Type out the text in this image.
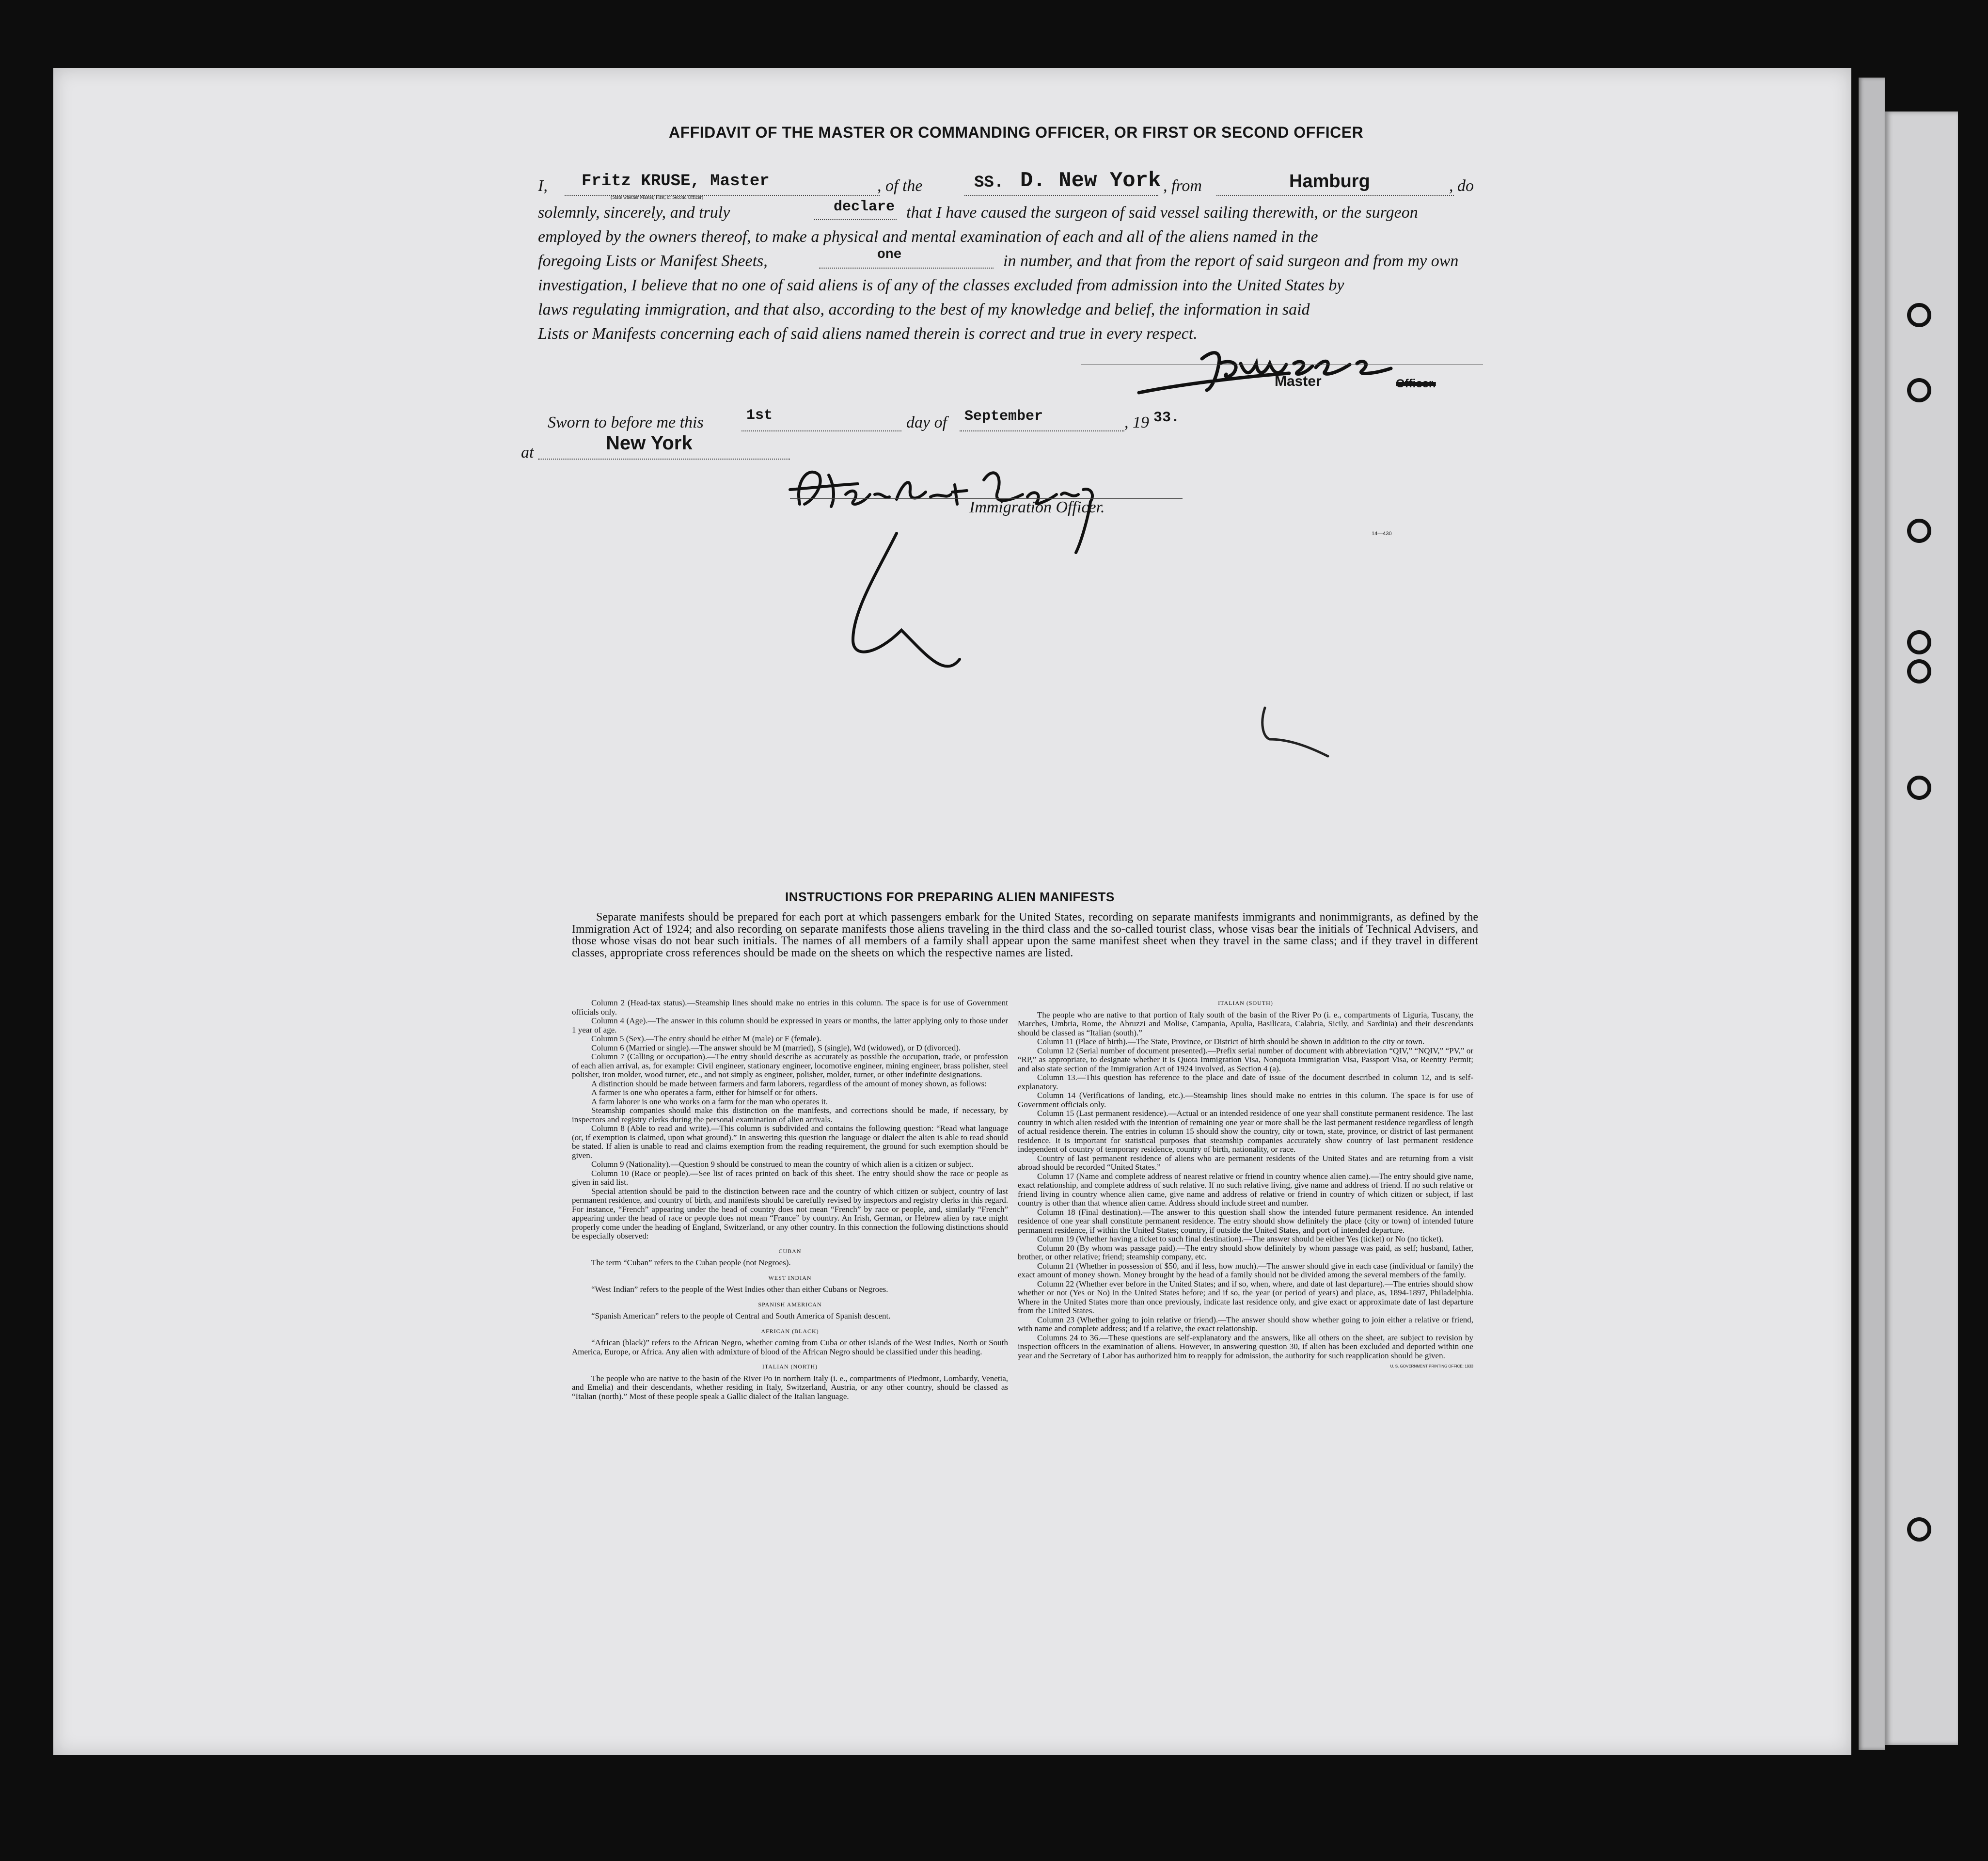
AFFIDAVIT OF THE MASTER OR COMMANDING OFFICER, OR FIRST OR SECOND OFFICER
I, Fritz KRUSE, Master	, of the	SS. D. New York , from	Hamburg	, do
solemnly, sincerely, and truly
(State whether Master, First, or Second Officer)
declare that I have caused the surgeon of said vessel sailing therewith, or the surgeon
employed by the owners thereof, to make a physical and mental examination of each and all of the aliens named in the
foregoing Lists or Manifest Sheets,	one	in number, and that from the report of said surgeon and from my own
investigation, I believe that no one of said aliens is of any of the classes excluded from admission into the United States by
laws regulating immigration, and that also, according to the best of my knowledge and belief, the information in said
Lists or Manifests concerning each of said aliens named therein is correct and true in every respect.
Master	Officer.
Sworn to before me this	1st	day of September	, 19 33.
at	New York
Immigration Officer.
14—430
INSTRUCTIONS FOR PREPARING ALIEN MANIFESTS
Separate manifests should be prepared for each port at which passengers embark for the United States, recording on separate manifests immigrants and nonimmigrants, as defined by the Immigration Act of 1924; and also recording on separate manifests those aliens traveling in the third class and the so-called tourist class, whose visas bear the initials of Technical Advisers, and those whose visas do not bear such initials. The names of all members of a family shall appear upon the same manifest sheet when they travel in the same class; and if they travel in different classes, appropriate cross references should be made on the sheets on which the respective names are listed.

Column 2 (Head-tax status).—Steamship lines should make no entries in this column. The space is for use of Government officials only.

Column 4 (Age).—The answer in this column should be expressed in years or months, the latter applying only to those under 1 year of age.

Column 5 (Sex).—The entry should be either M (male) or F (female).

Column 6 (Married or single).—The answer should be M (married), S (single), Wd (widowed), or D (divorced).

Column 7 (Calling or occupation).—The entry should describe as accurately as possible the occupation, trade, or profession of each alien arrival, as, for example: Civil engineer, stationary engineer, locomotive engineer, mining engineer, brass polisher, steel polisher, iron molder, wood turner, etc., and not simply as engineer, polisher, molder, turner, or other indefinite designations.

A distinction should be made between farmers and farm laborers, regardless of the amount of money shown, as follows:

A farmer is one who operates a farm, either for himself or for others.

A farm laborer is one who works on a farm for the man who operates it.

Steamship companies should make this distinction on the manifests, and corrections should be made, if necessary, by inspectors and registry clerks during the personal examination of alien arrivals.

Column 8 (Able to read and write).—This column is subdivided and contains the following question: “Read what language (or, if exemption is claimed, upon what ground).” In answering this question the language or dialect the alien is able to read should be stated. If alien is unable to read and claims exemption from the reading requirement, the ground for such exemption should be given.

Column 9 (Nationality).—Question 9 should be construed to mean the country of which alien is a citizen or subject.

Column 10 (Race or people).—See list of races printed on back of this sheet. The entry should show the race or people as given in said list.

Special attention should be paid to the distinction between race and the country of which citizen or subject, country of last permanent residence, and country of birth, and manifests should be carefully revised by inspectors and registry clerks in this regard. For instance, “French” appearing under the head of country does not mean “French” by race or people, and, similarly “French” appearing under the head of race or people does not mean “France” by country. An Irish, German, or Hebrew alien by race might properly come under the heading of England, Switzerland, or any other country. In this connection the following distinctions should be especially observed:

CUBAN

The term “Cuban” refers to the Cuban people (not Negroes).

WEST INDIAN

“West Indian” refers to the people of the West Indies other than either Cubans or Negroes.

SPANISH AMERICAN

“Spanish American” refers to the people of Central and South America of Spanish descent.

AFRICAN (BLACK)

“African (black)” refers to the African Negro, whether coming from Cuba or other islands of the West Indies, North or South America, Europe, or Africa. Any alien with admixture of blood of the African Negro should be classified under this heading.

ITALIAN (NORTH)

The people who are native to the basin of the River Po in northern Italy (i. e., compartments of Piedmont, Lombardy, Venetia, and Emelia) and their descendants, whether residing in Italy, Switzerland, Austria, or any other country, should be classed as “Italian (north).” Most of these people speak a Gallic dialect of the Italian language.

ITALIAN (SOUTH)

The people who are native to that portion of Italy south of the basin of the River Po (i. e., compartments of Liguria, Tuscany, the Marches, Umbria, Rome, the Abruzzi and Molise, Campania, Apulia, Basilicata, Calabria, Sicily, and Sardinia) and their descendants should be classed as “Italian (south).”

Column 11 (Place of birth).—The State, Province, or District of birth should be shown in addition to the city or town.

Column 12 (Serial number of document presented).—Prefix serial number of document with abbreviation “QIV,” “NQIV,” “PV,” or “RP,” as appropriate, to designate whether it is Quota Immigration Visa, Nonquota Immigration Visa, Passport Visa, or Reentry Permit; and also state section of the Immigration Act of 1924 involved, as Section 4 (a).

Column 13.—This question has reference to the place and date of issue of the document described in column 12, and is self-explanatory.

Column 14 (Verifications of landing, etc.).—Steamship lines should make no entries in this column. The space is for use of Government officials only.

Column 15 (Last permanent residence).—Actual or an intended residence of one year shall constitute permanent residence. The last country in which alien resided with the intention of remaining one year or more shall be the last permanent residence regardless of length of actual residence therein. The entries in column 15 should show the country, city or town, state, province, or district of last permanent residence. It is important for statistical purposes that steamship companies accurately show country of last permanent residence independent of country of temporary residence, country of birth, nationality, or race.

Country of last permanent residence of aliens who are permanent residents of the United States and are returning from a visit abroad should be recorded “United States.”

Column 17 (Name and complete address of nearest relative or friend in country whence alien came).—The entry should give name, exact relationship, and complete address of such relative. If no such relative living, give name and address of friend. If no such relative or friend living in country whence alien came, give name and address of relative or friend in country of which citizen or subject, if last country is other than that whence alien came. Address should include street and number.

Column 18 (Final destination).—The answer to this question shall show the intended future permanent residence. An intended residence of one year shall constitute permanent residence. The entry should show definitely the place (city or town) of intended future permanent residence, if within the United States; country, if outside the United States, and port of intended departure.

Column 19 (Whether having a ticket to such final destination).—The answer should be either Yes (ticket) or No (no ticket).

Column 20 (By whom was passage paid).—The entry should show definitely by whom passage was paid, as self; husband, father, brother, or other relative; friend; steamship company, etc.

Column 21 (Whether in possession of $50, and if less, how much).—The answer should give in each case (individual or family) the exact amount of money shown. Money brought by the head of a family should not be divided among the several members of the family.

Column 22 (Whether ever before in the United States; and if so, when, where, and date of last departure).—The entries should show whether or not (Yes or No) in the United States before; and if so, the year (or period of years) and place, as, 1894-1897, Philadelphia. Where in the United States more than once previously, indicate last residence only, and give exact or approximate date of last departure from the United States.

Column 23 (Whether going to join relative or friend).—The answer should show whether going to join either a relative or friend, with name and complete address; and if a relative, the exact relationship.

Columns 24 to 36.—These questions are self-explanatory and the answers, like all others on the sheet, are subject to revision by inspection officers in the examination of aliens. However, in answering question 30, if alien has been excluded and deported within one year and the Secretary of Labor has authorized him to reapply for admission, the authority for such reapplication should be given.

U. S. GOVERNMENT PRINTING OFFICE: 1933
